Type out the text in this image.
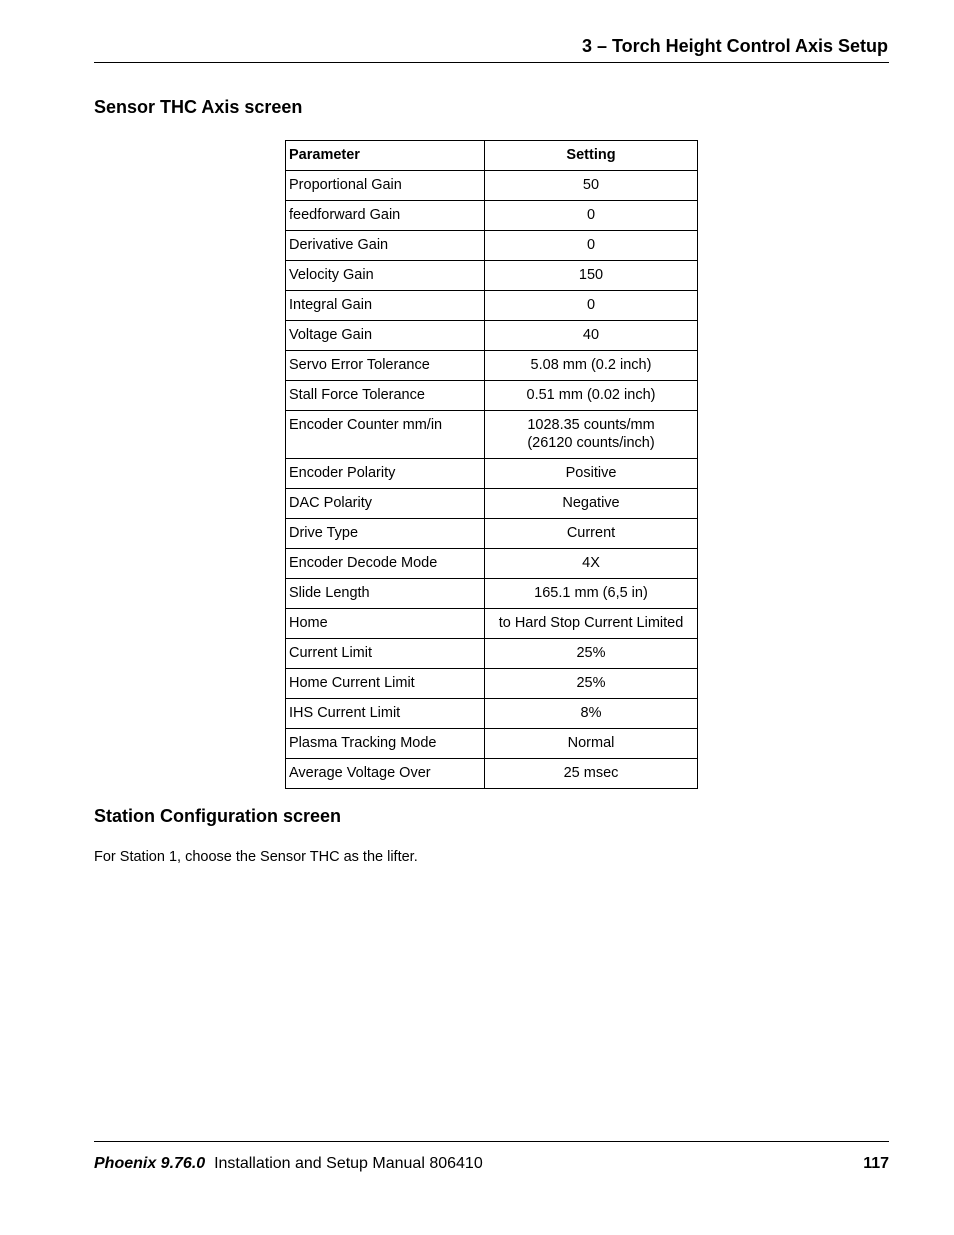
3 – Torch Height Control Axis Setup
Sensor THC Axis screen
Parameter	Setting
Proportional Gain	50

feedforward Gain	0

Derivative Gain	0

Velocity Gain	150

Integral Gain	0

Voltage Gain	40

Servo Error Tolerance	5.08 mm (0.2 inch)

Stall Force Tolerance	0.51 mm (0.02 inch)

Encoder Counter mm/in	1028.35 counts/mm
(26120 counts/inch)

Encoder Polarity	Positive

DAC Polarity	Negative

Drive Type	Current

Encoder Decode Mode	4X

Slide Length	165.1 mm (6,5 in)

Home	to Hard Stop Current Limited

Current Limit	25%

Home Current Limit	25%

IHS Current Limit	8%

Plasma Tracking Mode	Normal

Average Voltage Over	25 msec
Station Configuration screen
For Station 1, choose the Sensor THC as the lifter.
Phoenix 9.76.0 Installation and Setup Manual 806410	117
